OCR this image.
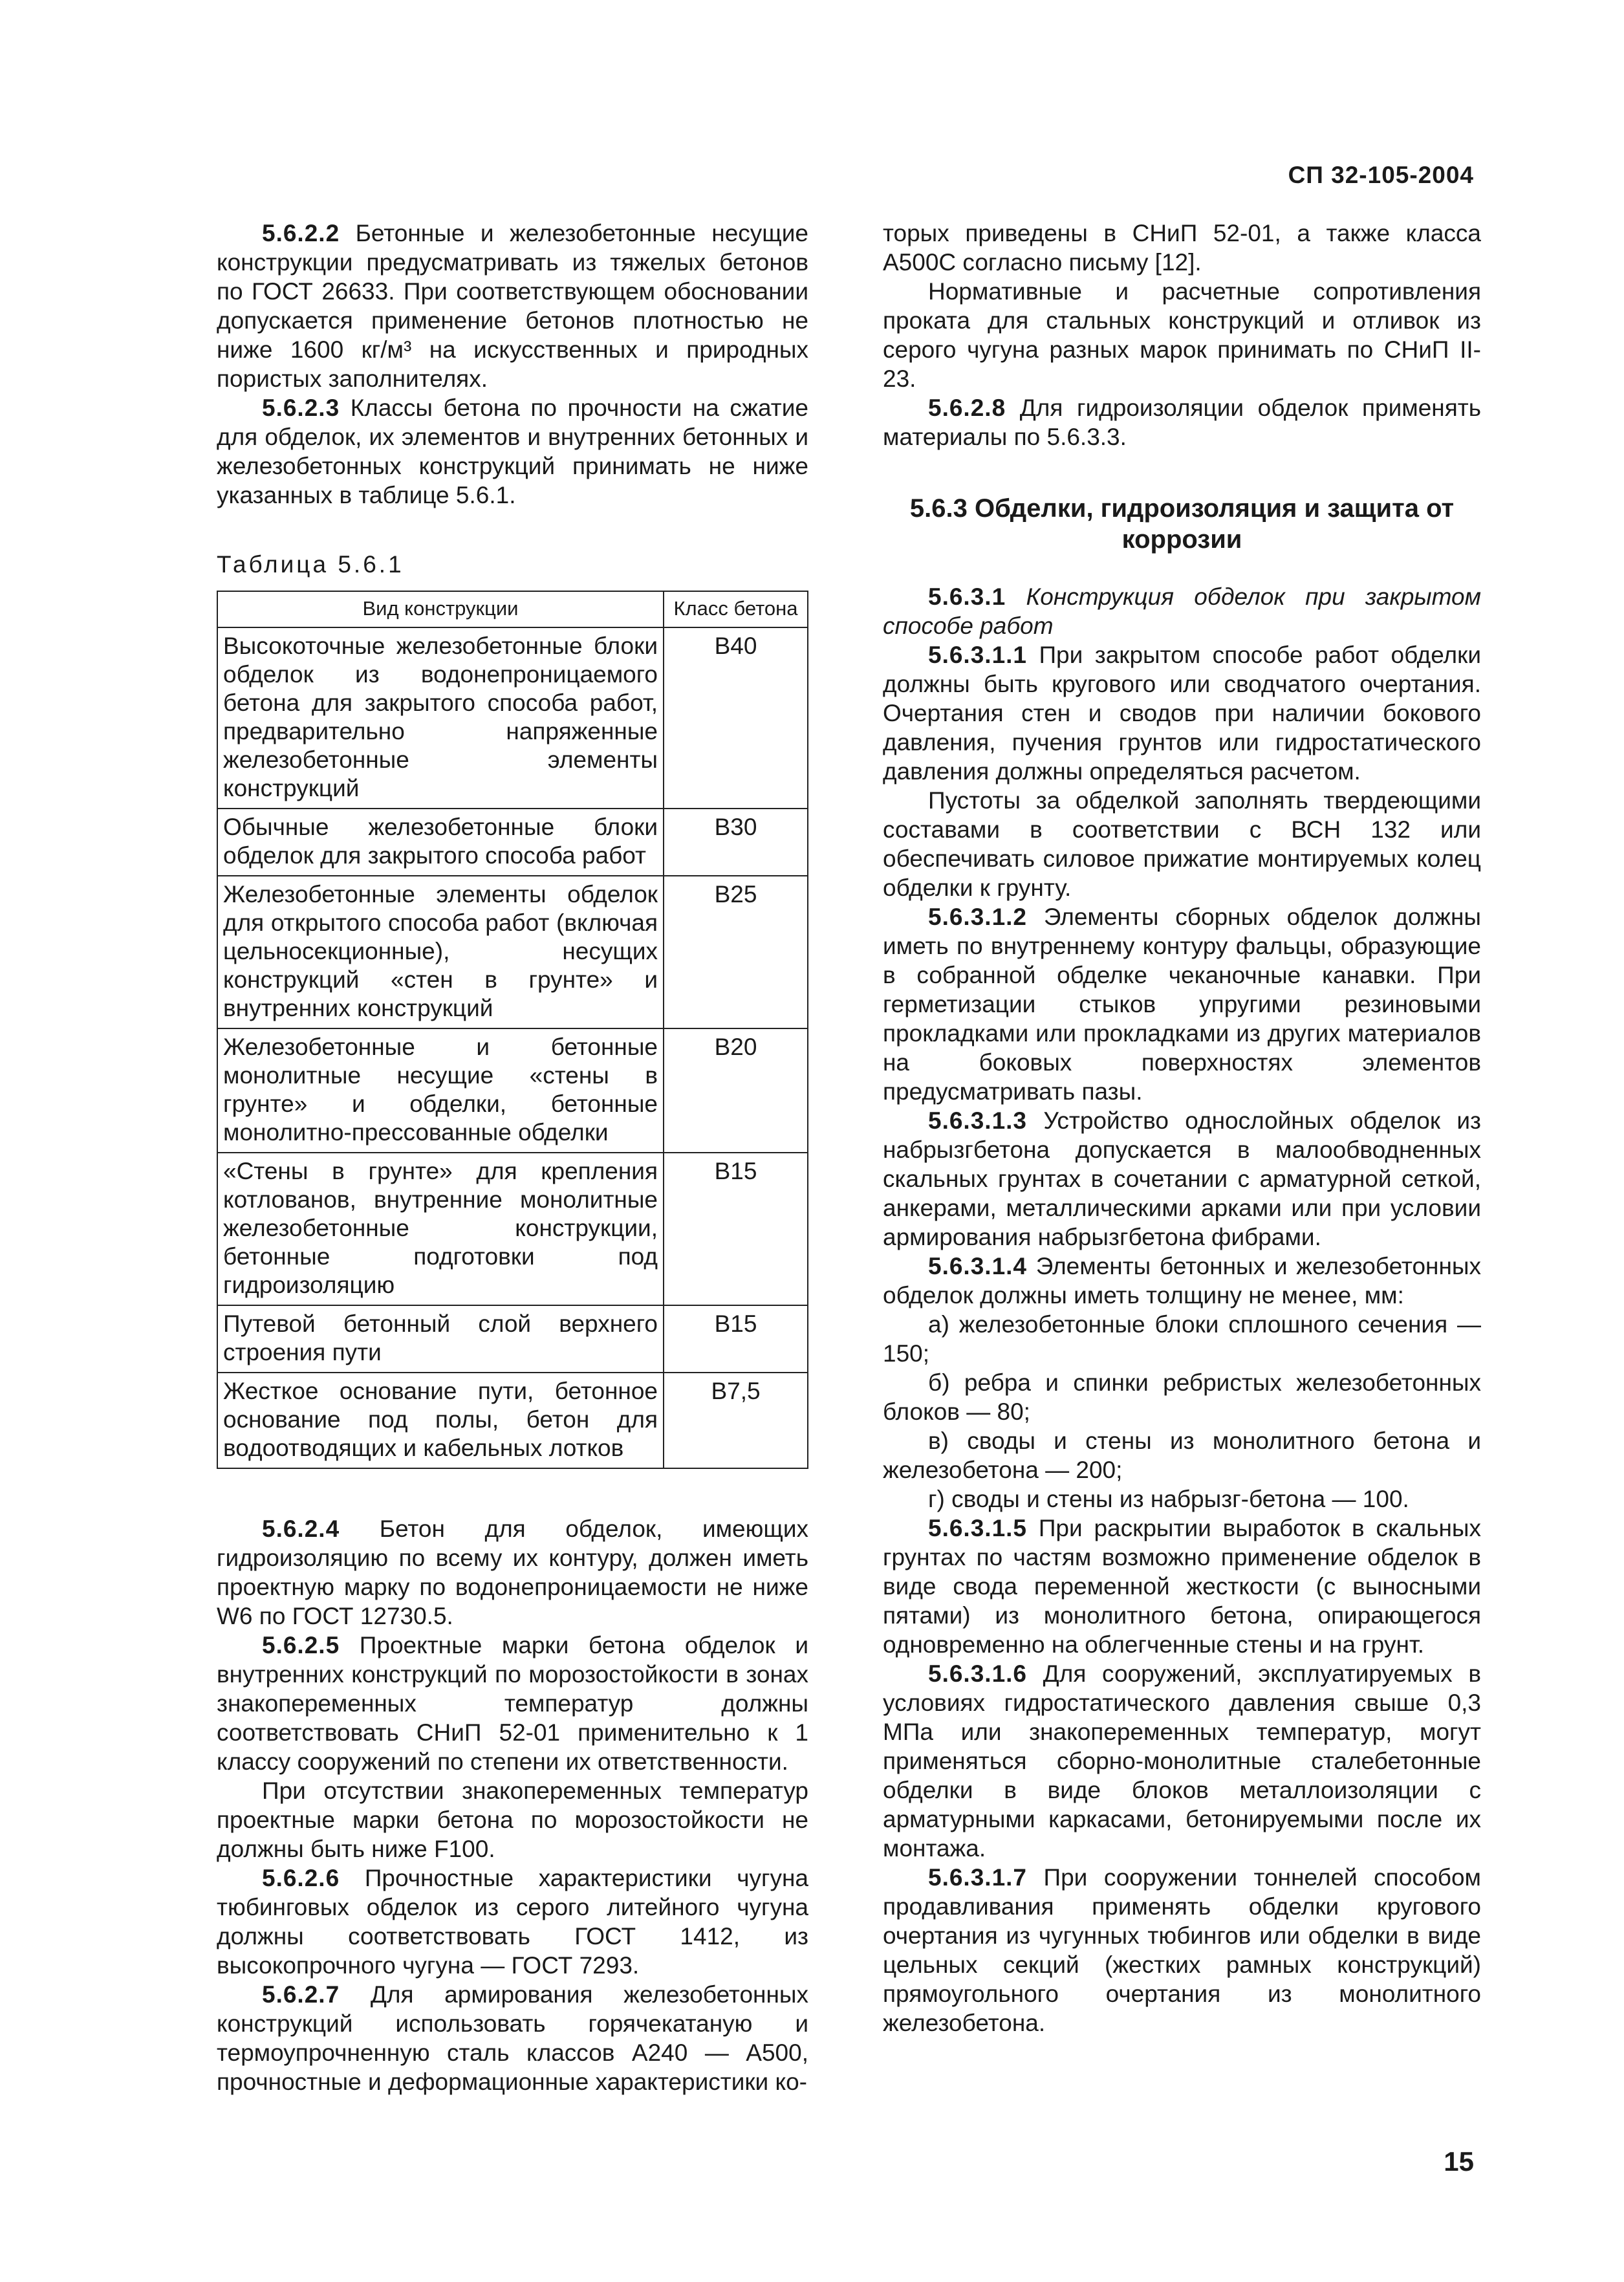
СП 32-105-2004

5.6.2.2 Бетонные и железобетонные несущие конструкции предусматривать из тяжелых бетонов по ГОСТ 26633. При соответствующем обосновании допускается применение бетонов плотностью не ниже 1600 кг/м³ на искусственных и природных пористых заполнителях.

5.6.2.3 Классы бетона по прочности на сжатие для обделок, их элементов и внутренних бетонных и железобетонных конструкций принимать не ниже указанных в таблице 5.6.1.

Таблица 5.6.1

Вид конструкции	Класс бетона
Высокоточные железобетонные блоки обделок из водонепроницаемого бетона для закрытого способа работ, предварительно напряженные железобетонные элементы конструкций	В40
Обычные железобетонные блоки обделок для закрытого способа работ	В30
Железобетонные элементы обделок для открытого способа работ (включая цельносекционные), несущих конструкций «стен в грунте» и внутренних конструкций	В25
Железобетонные и бетонные монолитные несущие «стены в грунте» и обделки, бетонные монолитно-прессованные обделки	В20
«Стены в грунте» для крепления котлованов, внутренние монолитные железобетонные конструкции, бетонные подготовки под гидроизоляцию	В15
Путевой бетонный слой верхнего строения пути	В15
Жесткое основание пути, бетонное основание под полы, бетон для водоотводящих и кабельных лотков	В7,5

5.6.2.4 Бетон для обделок, имеющих гидроизоляцию по всему их контуру, должен иметь проектную марку по водонепроницаемости не ниже W6 по ГОСТ 12730.5.

5.6.2.5 Проектные марки бетона обделок и внутренних конструкций по морозостойкости в зонах знакопеременных температур должны соответствовать СНиП 52-01 применительно к 1 классу сооружений по степени их ответственности.

При отсутствии знакопеременных температур проектные марки бетона по морозостойкости не должны быть ниже F100.

5.6.2.6 Прочностные характеристики чугуна тюбинговых обделок из серого литейного чугуна должны соответствовать ГОСТ 1412, из высокопрочного чугуна — ГОСТ 7293.

5.6.2.7 Для армирования железобетонных конструкций использовать горячекатаную и термоупрочненную сталь классов А240 — А500, прочностные и деформационные характеристики ко-

торых приведены в СНиП 52-01, а также класса А500С согласно письму [12].

Нормативные и расчетные сопротивления проката для стальных конструкций и отливок из серого чугуна разных марок принимать по СНиП II-23.

5.6.2.8 Для гидроизоляции обделок применять материалы по 5.6.3.3.

5.6.3 Обделки, гидроизоляция и защита от коррозии

5.6.3.1 Конструкция обделок при закрытом способе работ

5.6.3.1.1 При закрытом способе работ обделки должны быть кругового или сводчатого очертания. Очертания стен и сводов при наличии бокового давления, пучения грунтов или гидростатического давления должны определяться расчетом.

Пустоты за обделкой заполнять твердеющими составами в соответствии с ВСН 132 или обеспечивать силовое прижатие монтируемых колец обделки к грунту.

5.6.3.1.2 Элементы сборных обделок должны иметь по внутреннему контуру фальцы, образующие в собранной обделке чеканочные канавки. При герметизации стыков упругими резиновыми прокладками или прокладками из других материалов на боковых поверхностях элементов предусматривать пазы.

5.6.3.1.3 Устройство однослойных обделок из набрызгбетона допускается в малообводненных скальных грунтах в сочетании с арматурной сеткой, анкерами, металлическими арками или при условии армирования набрызгбетона фибрами.

5.6.3.1.4 Элементы бетонных и железобетонных обделок должны иметь толщину не менее, мм:

а) железобетонные блоки сплошного сечения — 150;

б) ребра и спинки ребристых железобетонных блоков — 80;

в) своды и стены из монолитного бетона и железобетона — 200;

г) своды и стены из набрызг-бетона — 100.

5.6.3.1.5 При раскрытии выработок в скальных грунтах по частям возможно применение обделок в виде свода переменной жесткости (с выносными пятами) из монолитного бетона, опирающегося одновременно на облегченные стены и на грунт.

5.6.3.1.6 Для сооружений, эксплуатируемых в условиях гидростатического давления свыше 0,3 МПа или знакопеременных температур, могут применяться сборно-монолитные сталебетонные обделки в виде блоков металлоизоляции с арматурными каркасами, бетонируемыми после их монтажа.

5.6.3.1.7 При сооружении тоннелей способом продавливания применять обделки кругового очертания из чугунных тюбингов или обделки в виде цельных секций (жестких рамных конструкций) прямоугольного очертания из монолитного железобетона.

15
